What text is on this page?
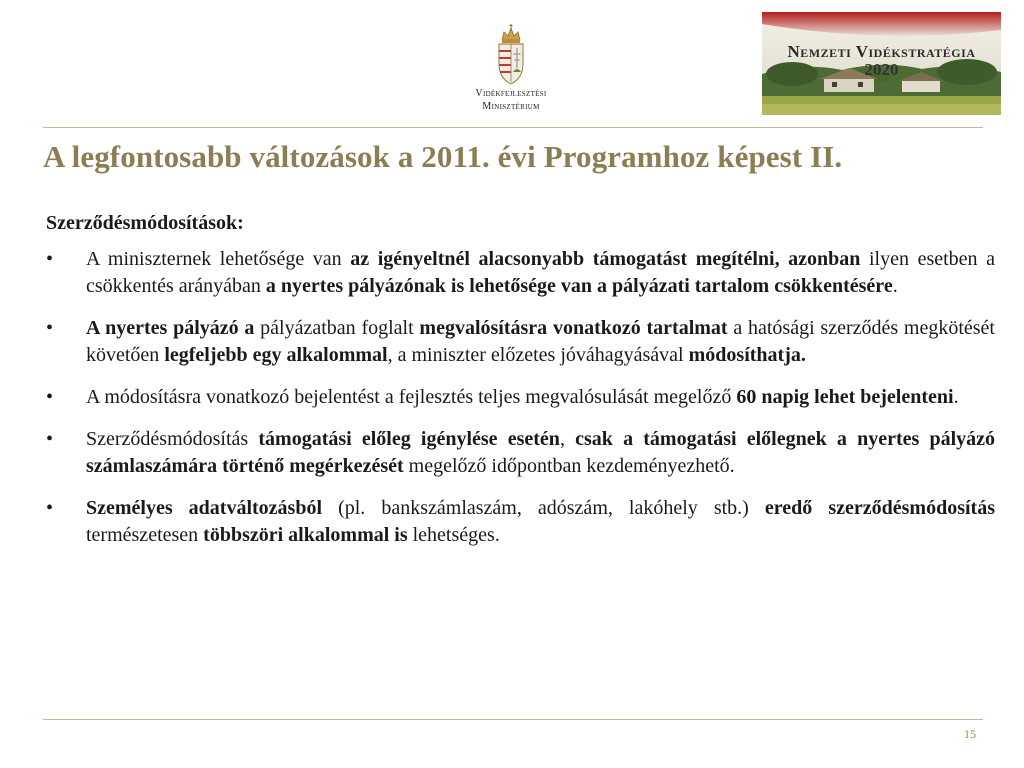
Vidékfejlesztési
Minisztérium
Nemzeti Vidékstratégia
2020
A legfontosabb változások a 2011. évi Programhoz képest II.

Szerződésmódosítások:

• A miniszternek lehetősége van az igényeltnél alacsonyabb támogatást megítélni, azonban ilyen esetben a csökkentés arányában a nyertes pályázónak is lehetősége van a pályázati tartalom csökkentésére.
• A nyertes pályázó a pályázatban foglalt megvalósításra vonatkozó tartalmat a hatósági szerződés megkötését követően legfeljebb egy alkalommal, a miniszter előzetes jóváhagyásával módosíthatja.
• A módosításra vonatkozó bejelentést a fejlesztés teljes megvalósulását megelőző 60 napig lehet bejelenteni.
• Szerződésmódosítás támogatási előleg igénylése esetén, csak a támogatási előlegnek a nyertes pályázó számlaszámára történő megérkezését megelőző időpontban kezdeményezhető.
• Személyes adatváltozásból (pl. bankszámlaszám, adószám, lakóhely stb.) eredő szerződésmódosítás természetesen többszöri alkalommal is lehetséges.
15
